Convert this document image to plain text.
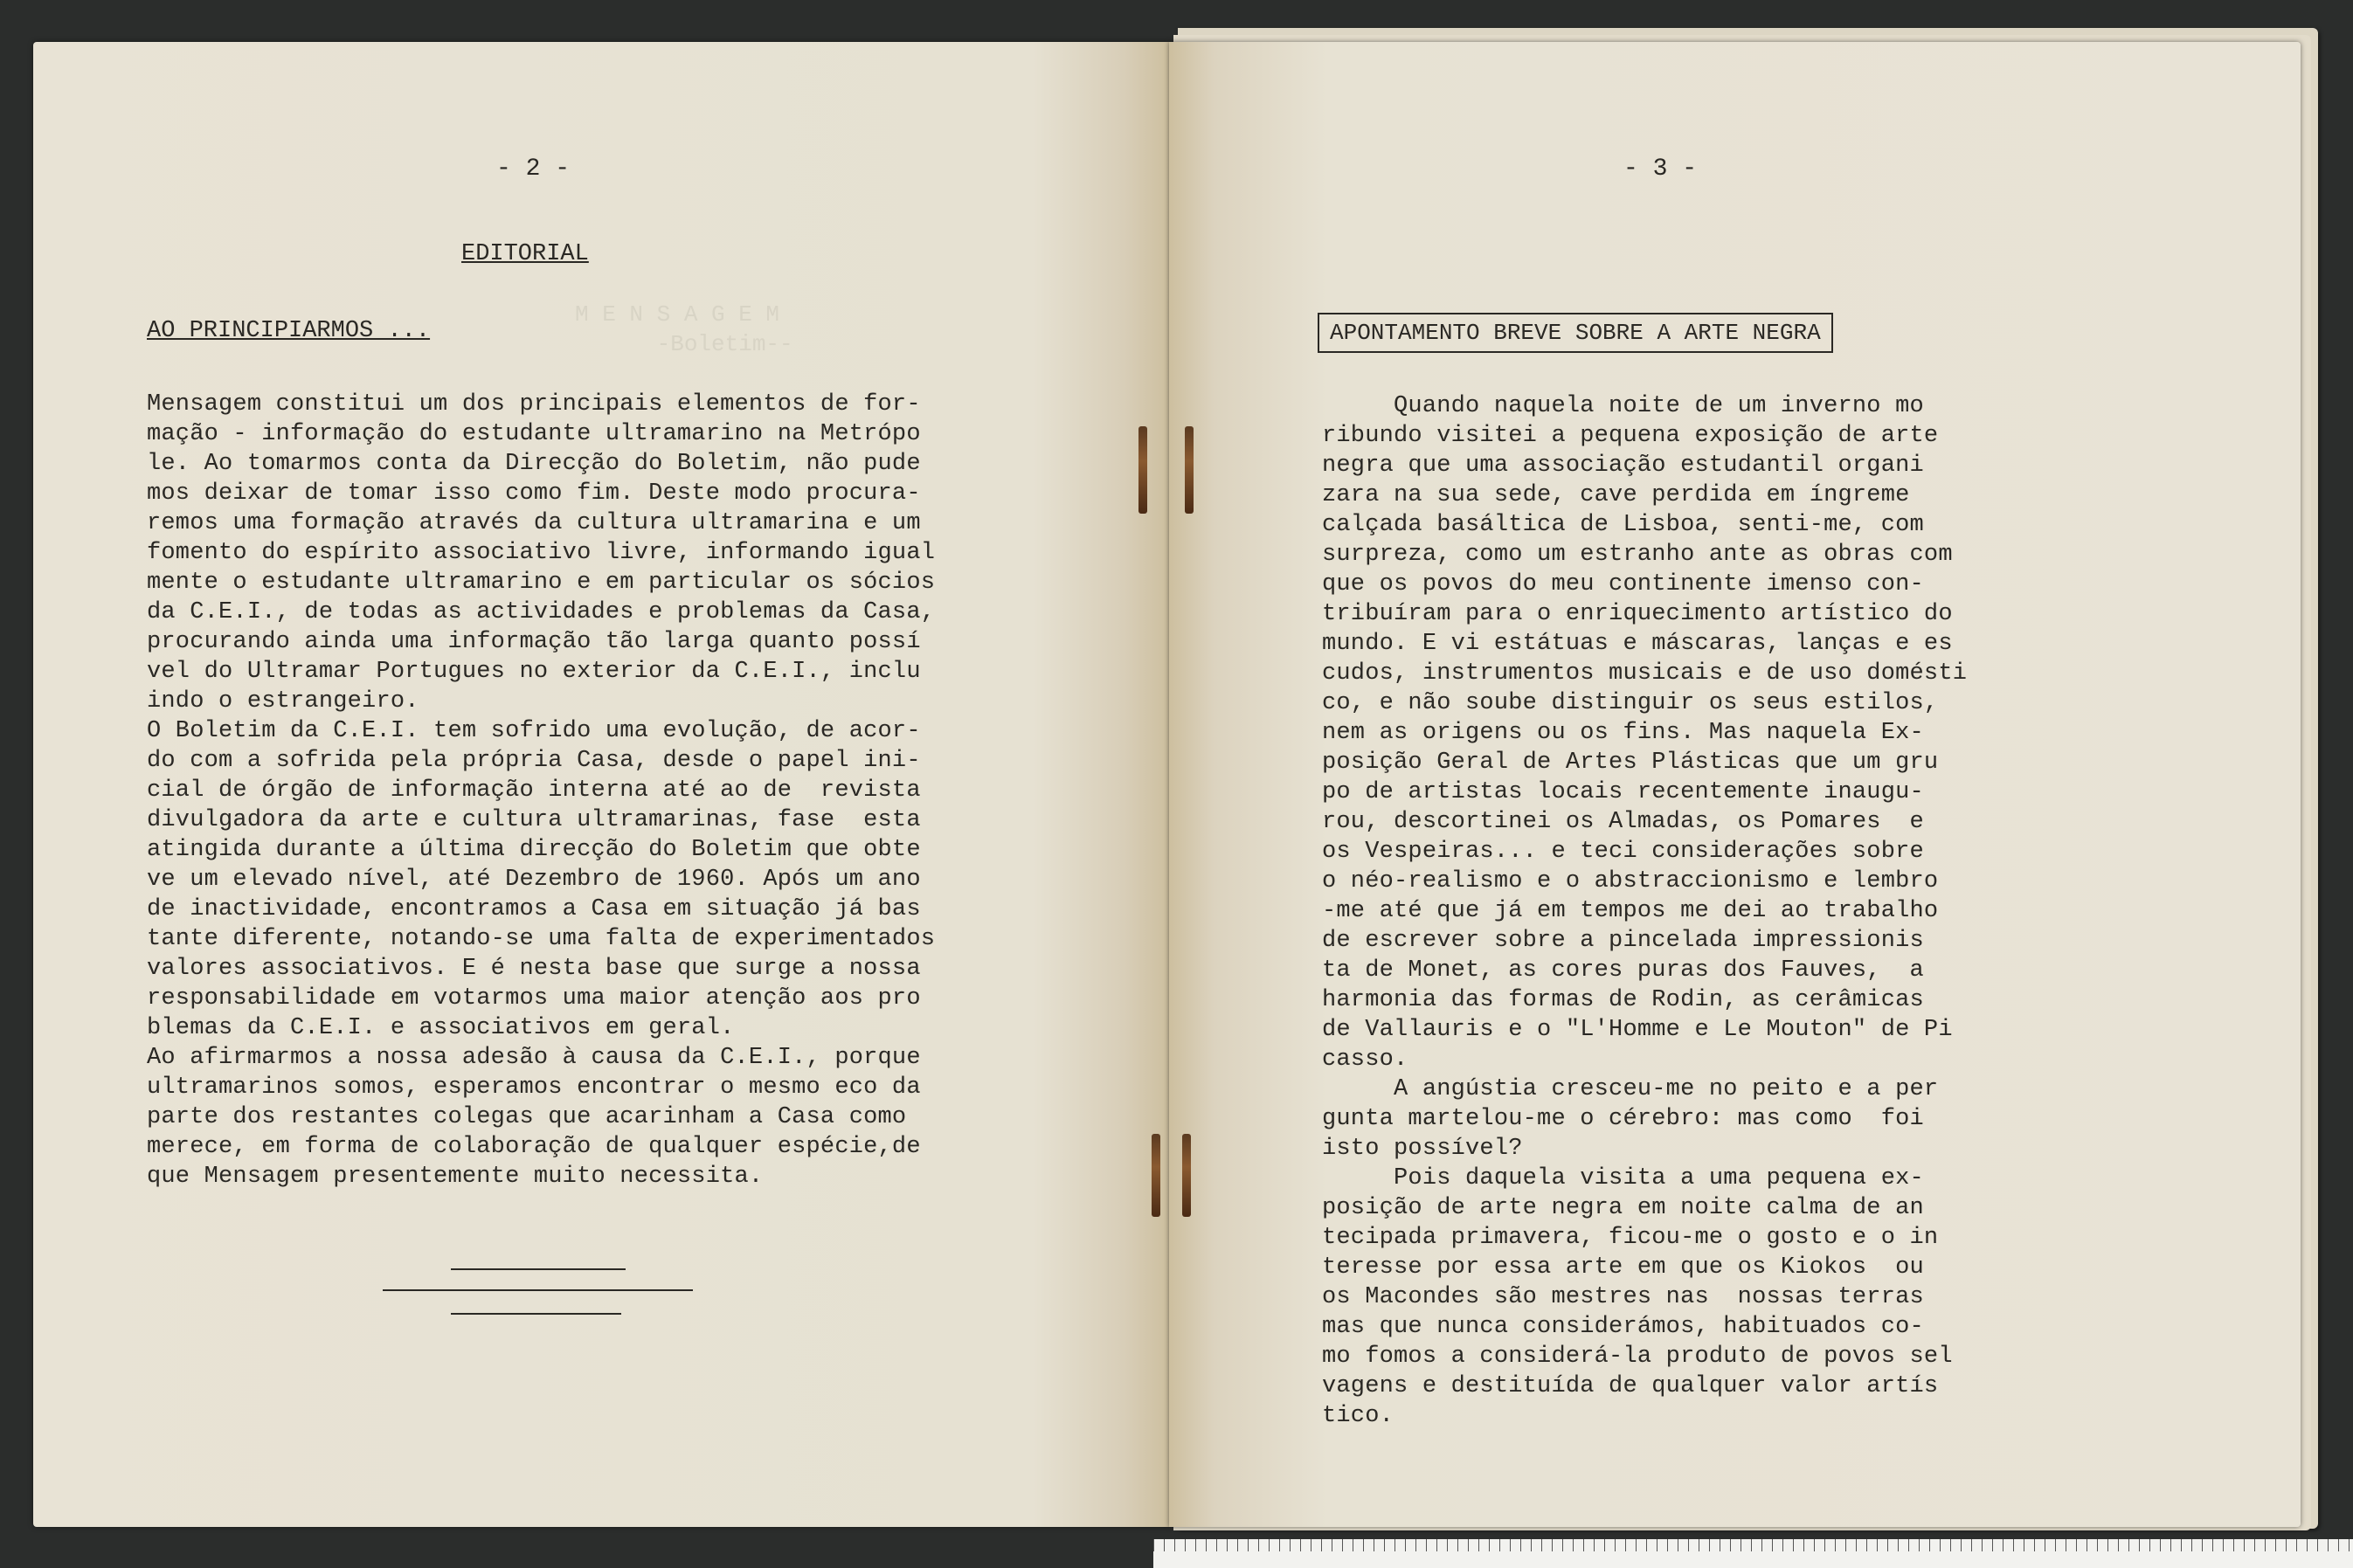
M E N S A G E M
-Boletim--
- 2 -
EDITORIAL
AO PRINCIPIARMOS ...
Mensagem constitui um dos principais elementos de for-
mação - informação do estudante ultramarino na Metrópo
le. Ao tomarmos conta da Direcção do Boletim, não pude
mos deixar de tomar isso como fim. Deste modo procura-
remos uma formação através da cultura ultramarina e um
fomento do espírito associativo livre, informando igual
mente o estudante ultramarino e em particular os sócios
da C.E.I., de todas as actividades e problemas da Casa,
procurando ainda uma informação tão larga quanto possí
vel do Ultramar Portugues no exterior da C.E.I., inclu
indo o estrangeiro.
O Boletim da C.E.I. tem sofrido uma evolução, de acor-
do com a sofrida pela própria Casa, desde o papel ini-
cial de órgão de informação interna até ao de  revista
divulgadora da arte e cultura ultramarinas, fase  esta
atingida durante a última direcção do Boletim que obte
ve um elevado nível, até Dezembro de 1960. Após um ano
de inactividade, encontramos a Casa em situação já bas
tante diferente, notando-se uma falta de experimentados
valores associativos. E é nesta base que surge a nossa
responsabilidade em votarmos uma maior atenção aos pro
blemas da C.E.I. e associativos em geral.
Ao afirmarmos a nossa adesão à causa da C.E.I., porque
ultramarinos somos, esperamos encontrar o mesmo eco da
parte dos restantes colegas que acarinham a Casa como
merece, em forma de colaboração de qualquer espécie,de
que Mensagem presentemente muito necessita.
- 3 -
APONTAMENTO BREVE SOBRE A ARTE NEGRA
Quando naquela noite de um inverno mo
ribundo visitei a pequena exposição de arte
negra que uma associação estudantil organi
zara na sua sede, cave perdida em íngreme
calçada basáltica de Lisboa, senti-me, com
surpreza, como um estranho ante as obras com
que os povos do meu continente imenso con-
tribuíram para o enriquecimento artístico do
mundo. E vi estátuas e máscaras, lanças e es
cudos, instrumentos musicais e de uso domésti
co, e não soube distinguir os seus estilos,
nem as origens ou os fins. Mas naquela Ex-
posição Geral de Artes Plásticas que um gru
po de artistas locais recentemente inaugu-
rou, descortinei os Almadas, os Pomares  e
os Vespeiras... e teci considerações sobre
o néo-realismo e o abstraccionismo e lembro
-me até que já em tempos me dei ao trabalho
de escrever sobre a pincelada impressionis
ta de Monet, as cores puras dos Fauves,  a
harmonia das formas de Rodin, as cerâmicas
de Vallauris e o "L'Homme e Le Mouton" de Pi
casso.
A angústia cresceu-me no peito e a per
gunta martelou-me o cérebro: mas como  foi
isto possível?
Pois daquela visita a uma pequena ex-
posição de arte negra em noite calma de an
tecipada primavera, ficou-me o gosto e o in
teresse por essa arte em que os Kiokos  ou
os Macondes são mestres nas  nossas terras
mas que nunca considerámos, habituados co-
mo fomos a considerá-la produto de povos sel
vagens e destituída de qualquer valor artís
tico.
